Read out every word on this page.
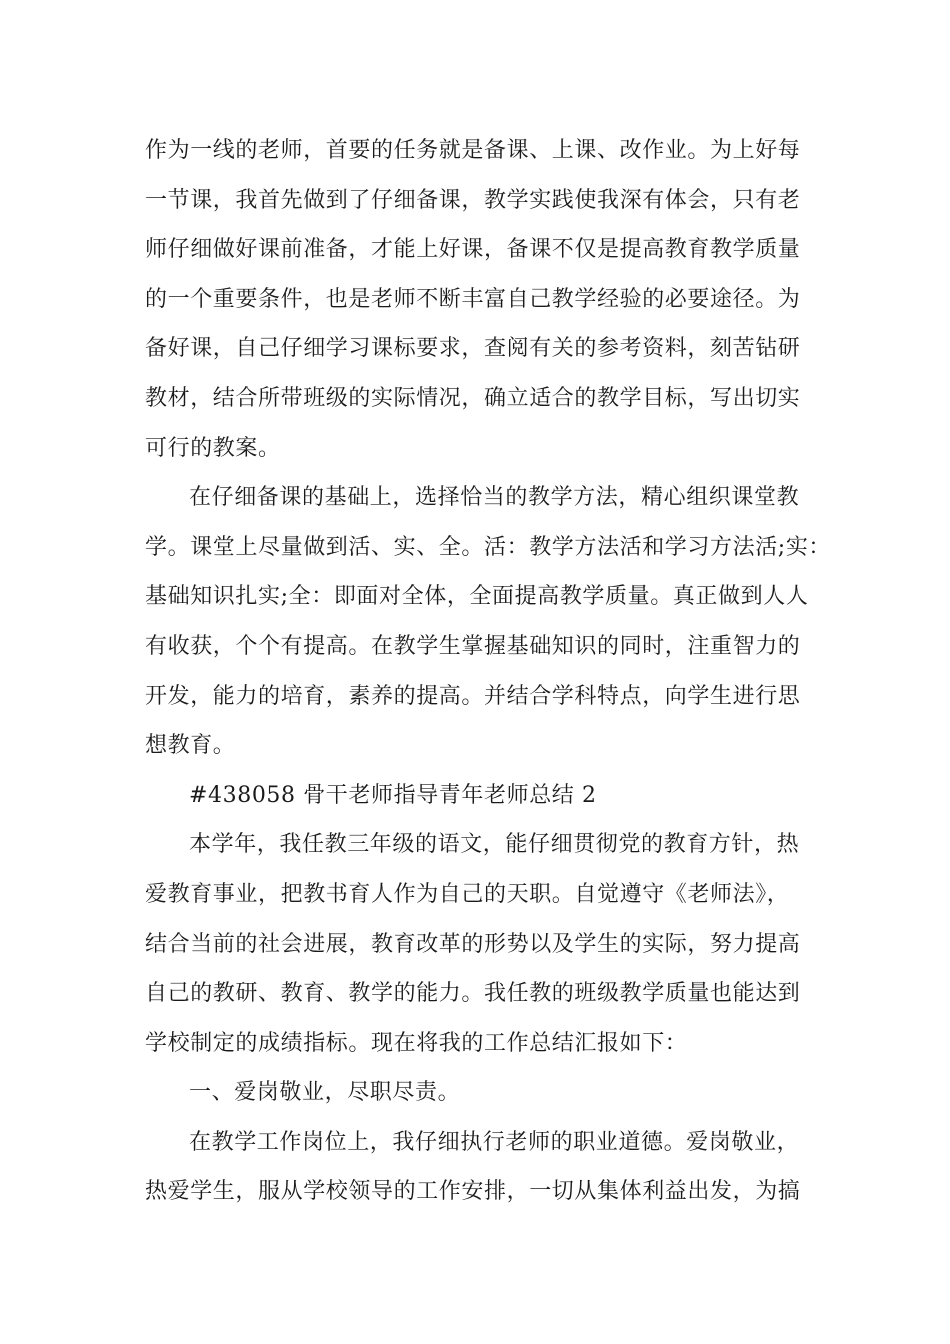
作为一线的老师，首要的任务就是备课、上课、改作业。为上好每
一节课，我首先做到了仔细备课，教学实践使我深有体会，只有老
师仔细做好课前准备，才能上好课，备课不仅是提高教育教学质量
的一个重要条件，也是老师不断丰富自己教学经验的必要途径。为
备好课，自己仔细学习课标要求，查阅有关的参考资料，刻苦钻研
教材，结合所带班级的实际情况，确立适合的教学目标，写出切实
可行的教案。

在仔细备课的基础上，选择恰当的教学方法，精心组织课堂教
学。课堂上尽量做到活、实、全。活：教学方法活和学习方法活;实：
基础知识扎实;全：即面对全体，全面提高教学质量。真正做到人人
有收获，个个有提高。在教学生掌握基础知识的同时，注重智力的
开发，能力的培育，素养的提高。并结合学科特点，向学生进行思
想教育。

#438058 骨干老师指导青年老师总结 2

本学年，我任教三年级的语文，能仔细贯彻党的教育方针，热
爱教育事业，把教书育人作为自己的天职。自觉遵守《老师法》，
结合当前的社会进展，教育改革的形势以及学生的实际，努力提高
自己的教研、教育、教学的能力。我任教的班级教学质量也能达到
学校制定的成绩指标。现在将我的工作总结汇报如下：

一、爱岗敬业，尽职尽责。

在教学工作岗位上，我仔细执行老师的职业道德。爱岗敬业，
热爱学生，服从学校领导的工作安排，一切从集体利益出发，为搞
